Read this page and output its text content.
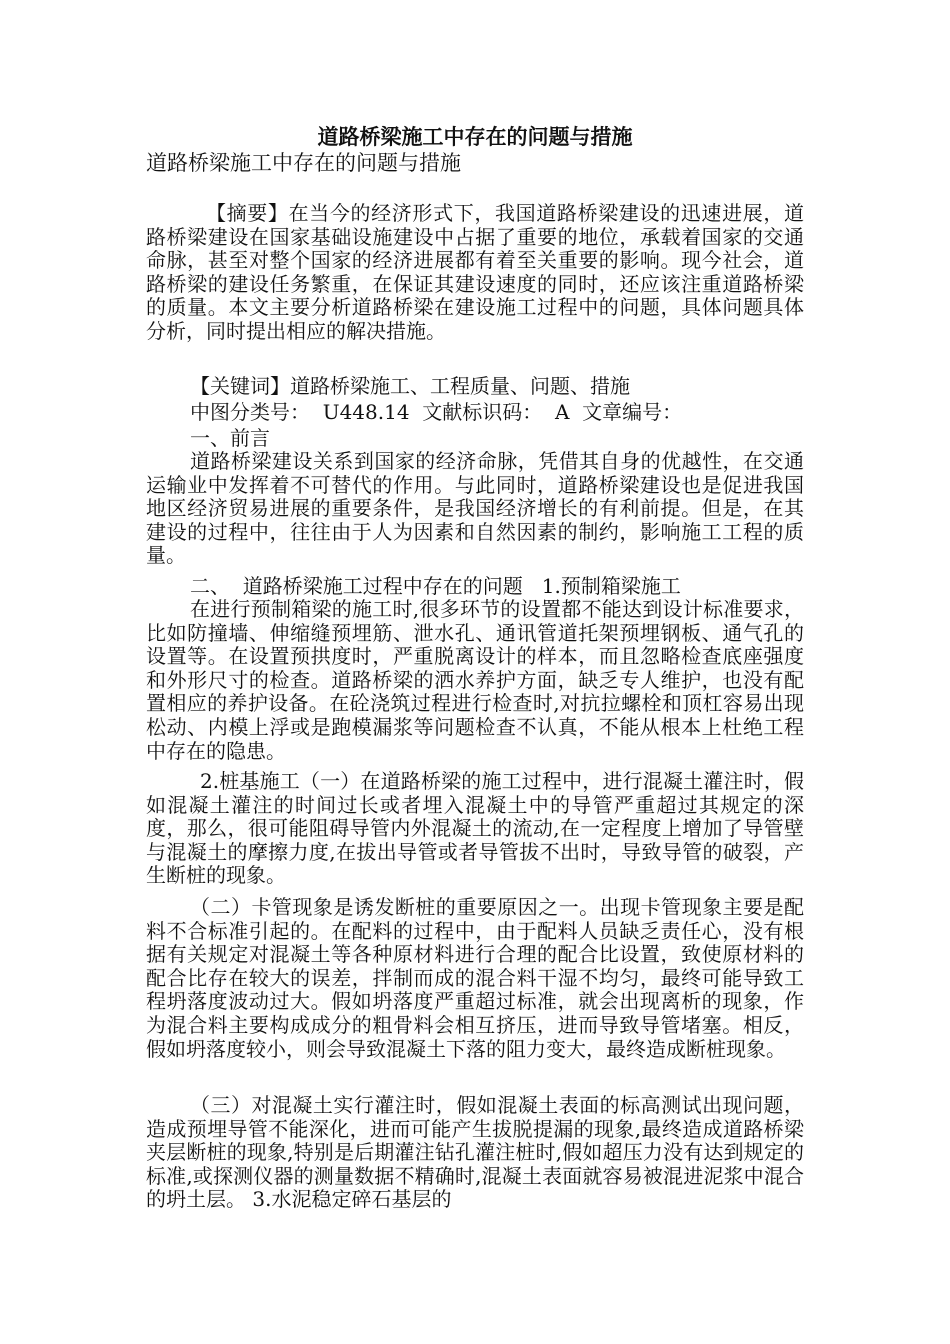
道路桥梁施工中存在的问题与措施
道路桥梁施工中存在的问题与措施
【摘要】在当今的经济形式下，我国道路桥梁建设的迅速进展，道路桥梁建设在国家基础设施建设中占据了重要的地位，承载着国家的交通命脉，甚至对整个国家的经济进展都有着至关重要的影响。现今社会，道路桥梁的建设任务繁重，在保证其建设速度的同时，还应该注重道路桥梁的质量。本文主要分析道路桥梁在建设施工过程中的问题，具体问题具体分析，同时提出相应的解决措施。
【关键词】道路桥梁施工、工程质量、问题、措施
中图分类号：  U448.14  文献标识码：  A  文章编号：
一、前言
道路桥梁建设关系到国家的经济命脉，凭借其自身的优越性，在交通运输业中发挥着不可替代的作用。与此同时，道路桥梁建设也是促进我国地区经济贸易进展的重要条件，是我国经济增长的有利前提。但是，在其建设的过程中，往往由于人为因素和自然因素的制约，影响施工工程的质量。
二、  道路桥梁施工过程中存在的问题   1.预制箱梁施工
在进行预制箱梁的施工时,很多环节的设置都不能达到设计标准要求，比如防撞墙、伸缩缝预埋筋、泄水孔、通讯管道托架预埋钢板、通气孔的设置等。在设置预拱度时，严重脱离设计的样本，而且忽略检查底座强度和外形尺寸的检查。道路桥梁的洒水养护方面，缺乏专人维护，也没有配置相应的养护设备。在砼浇筑过程进行检查时,对抗拉螺栓和顶杠容易出现松动、内模上浮或是跑模漏浆等问题检查不认真，不能从根本上杜绝工程中存在的隐患。
2.桩基施工（一）在道路桥梁的施工过程中，进行混凝土灌注时，假如混凝土灌注的时间过长或者埋入混凝土中的导管严重超过其规定的深度，那么，很可能阻碍导管内外混凝土的流动,在一定程度上增加了导管壁与混凝土的摩擦力度,在拔出导管或者导管拔不出时，导致导管的破裂，产生断桩的现象。
（二）卡管现象是诱发断桩的重要原因之一。出现卡管现象主要是配料不合标准引起的。在配料的过程中，由于配料人员缺乏责任心，没有根据有关规定对混凝土等各种原材料进行合理的配合比设置，致使原材料的配合比存在较大的误差，拌制而成的混合料干湿不均匀，最终可能导致工程坍落度波动过大。假如坍落度严重超过标准，就会出现离析的现象，作为混合料主要构成成分的粗骨料会相互挤压，进而导致导管堵塞。相反，假如坍落度较小，则会导致混凝土下落的阻力变大，最终造成断桩现象。
（三）对混凝土实行灌注时，假如混凝土表面的标高测试出现问题，造成预埋导管不能深化，进而可能产生拔脱提漏的现象,最终造成道路桥梁夹层断桩的现象,特别是后期灌注钻孔灌注桩时,假如超压力没有达到规定的标准,或探测仪器的测量数据不精确时,混凝土表面就容易被混进泥浆中混合的坍土层。 3.水泥稳定碎石基层的
